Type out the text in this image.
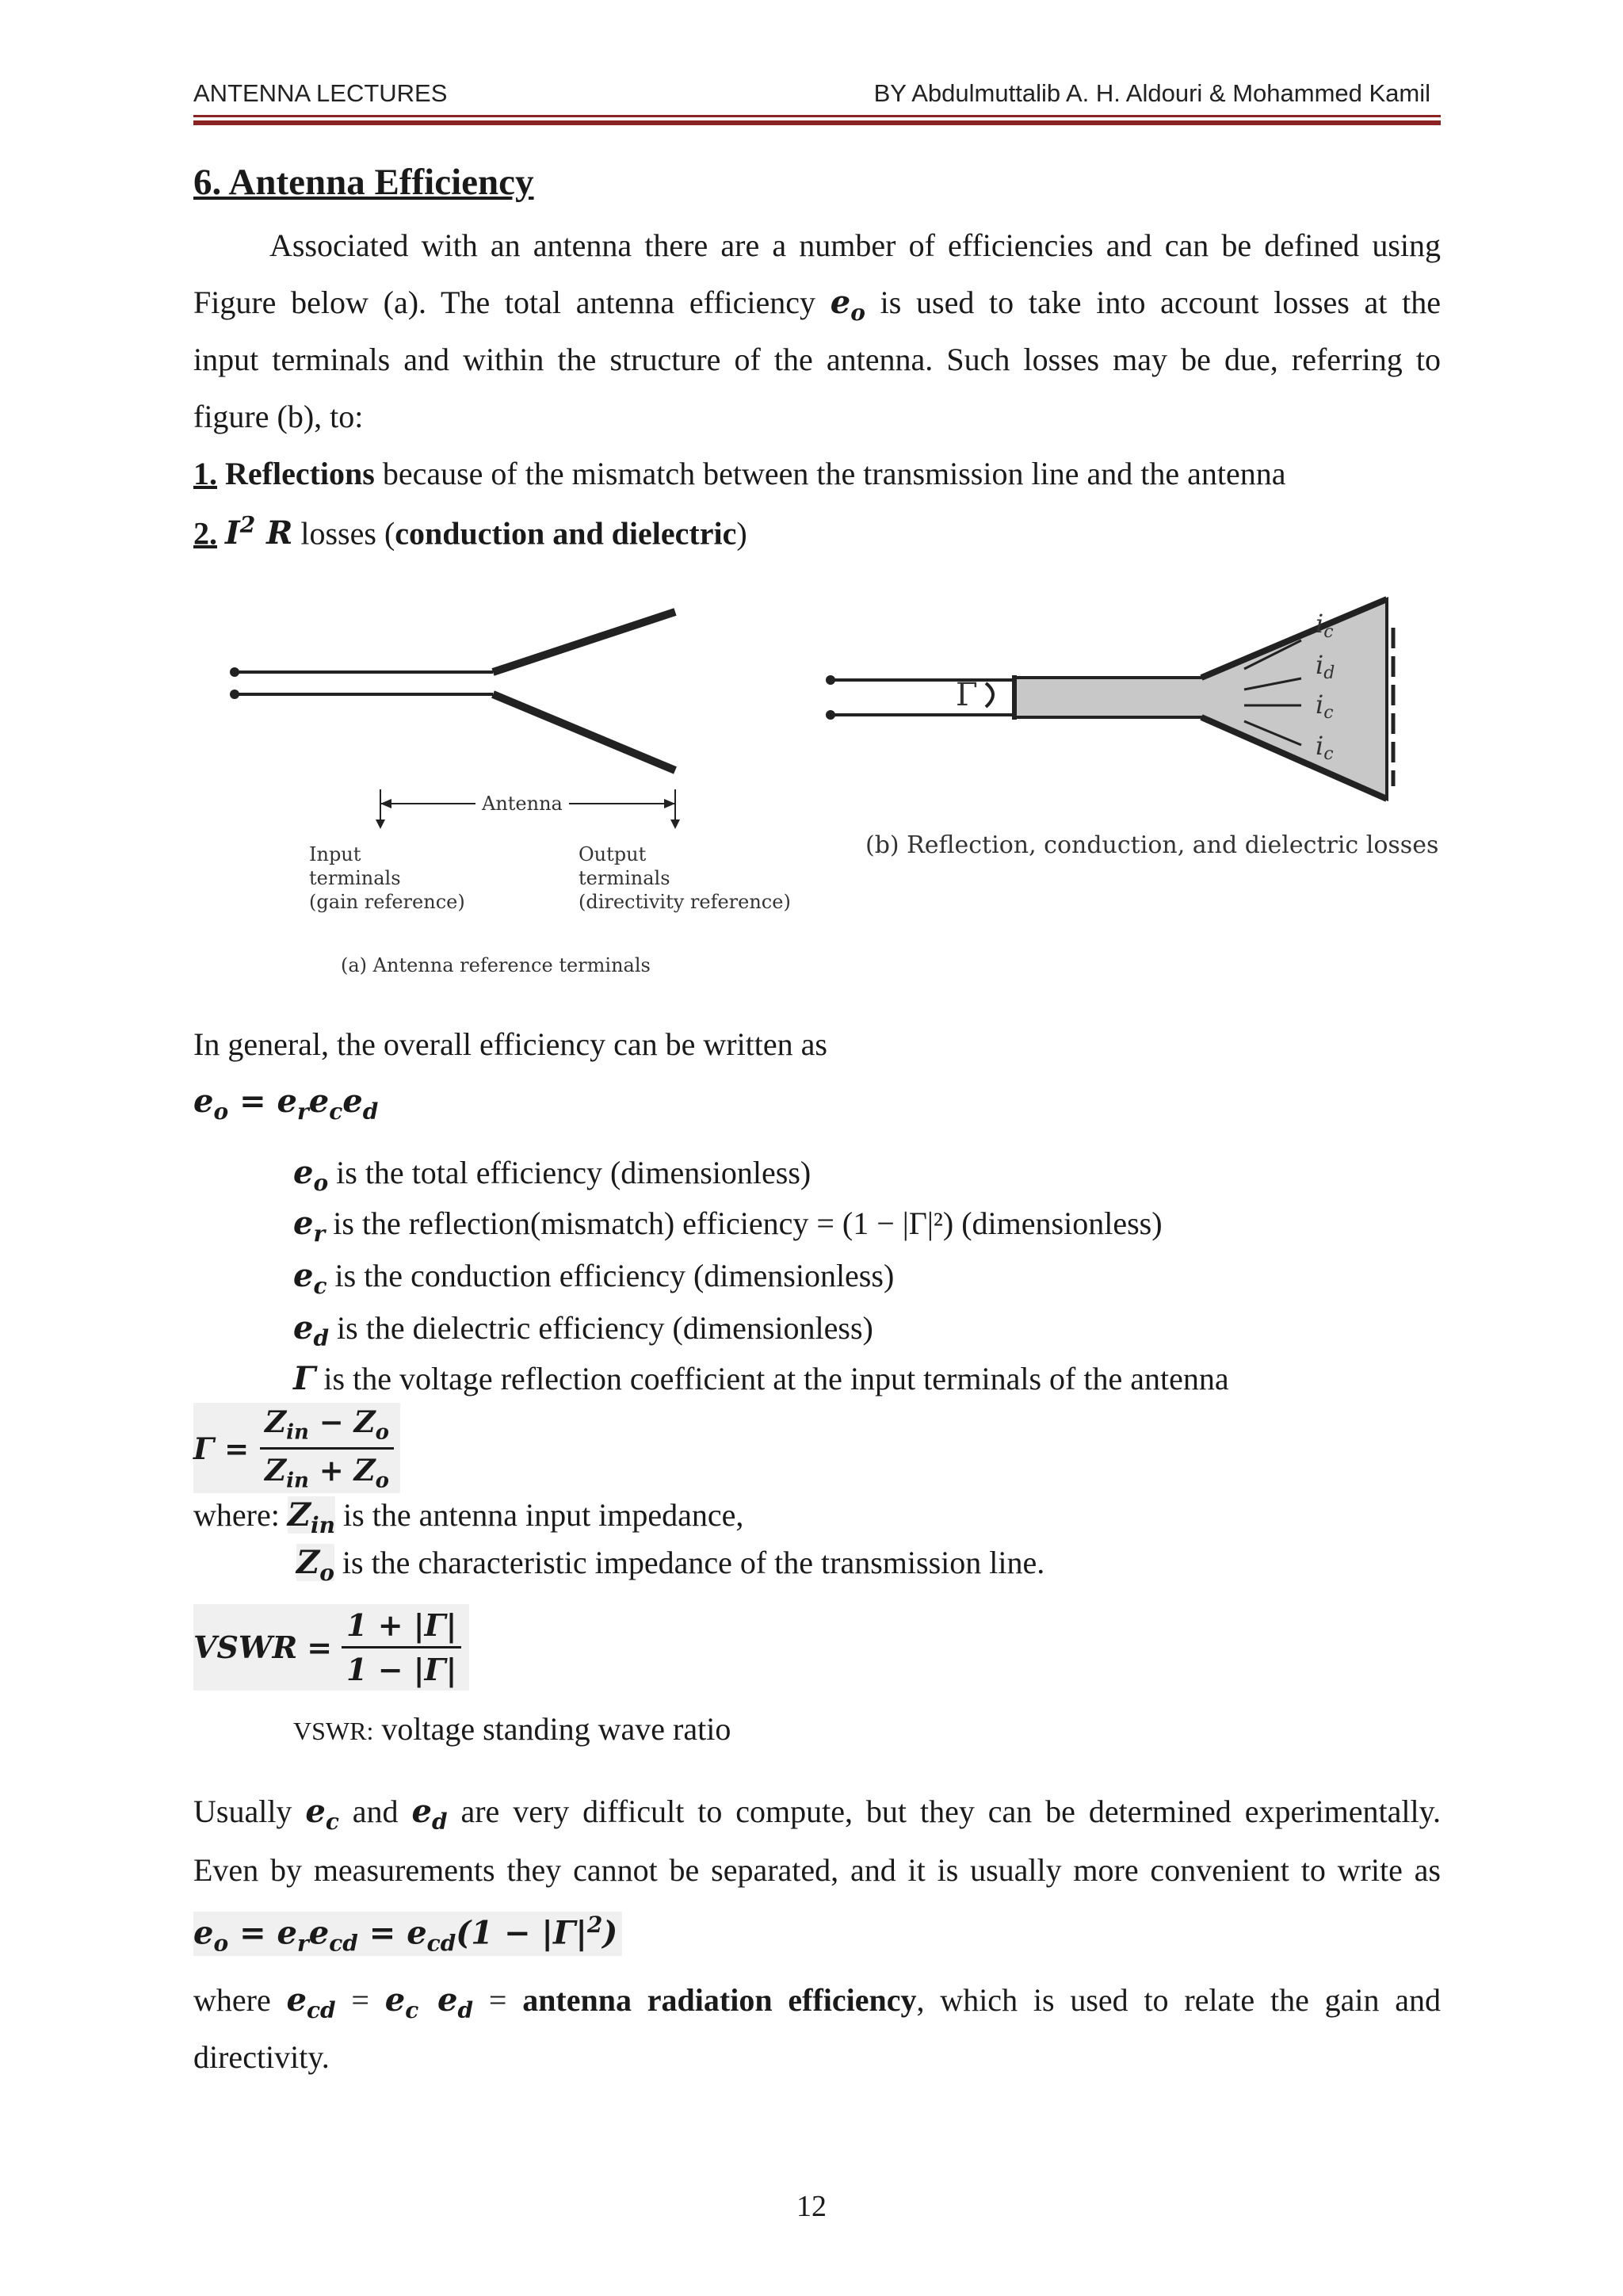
ANTENNA LECTURES	BY Abdulmuttalib A. H. Aldouri & Mohammed Kamil
6. Antenna Efficiency
Associated with an antenna there are a number of efficiencies and can be defined using
Figure below (a). The total antenna efficiency $e_o$ is used to take into account losses at the
input terminals and within the structure of the antenna. Such losses may be due, referring to
figure (b), to:
1. Reflections because of the mismatch between the transmission line and the antenna
2. $I^2$ R losses (conduction and dielectric)
Antenna
Input
terminals
(gain reference)
Output
terminals
(directivity reference)
(a) Antenna reference terminals
Γ
ic
id
ic
ic
(b) Reflection, conduction, and dielectric losses
In general, the overall efficiency can be written as
$e_o = e_re_ce_d$
$e_o$ is the total efficiency (dimensionless)
$e_r$ is the reflection(mismatch) efficiency = (1 − |Γ|²) (dimensionless)
$e_c$ is the conduction efficiency (dimensionless)
$e_d$ is the dielectric efficiency (dimensionless)
Γ is the voltage reflection coefficient at the input terminals of the antenna
$\Gamma = \frac{Z_{in} - Z_o}{Z_{in} + Z_o}$
where: $Z_{in}$ is the antenna input impedance,
$Z_o$ is the characteristic impedance of the transmission line.
VSWR = $\frac{1 + |\Gamma|}{1 - |\Gamma|}$
VSWR: voltage standing wave ratio
Usually $e_c$ and $e_d$ are very difficult to compute, but they can be determined experimentally.
Even by measurements they cannot be separated, and it is usually more convenient to write as
$e_o = e_re_{cd} = e_{cd}(1 - |\Gamma|^2)$
where $e_{cd} = e_c$ $e_d$ = antenna radiation efficiency, which is used to relate the gain and
directivity.
12
